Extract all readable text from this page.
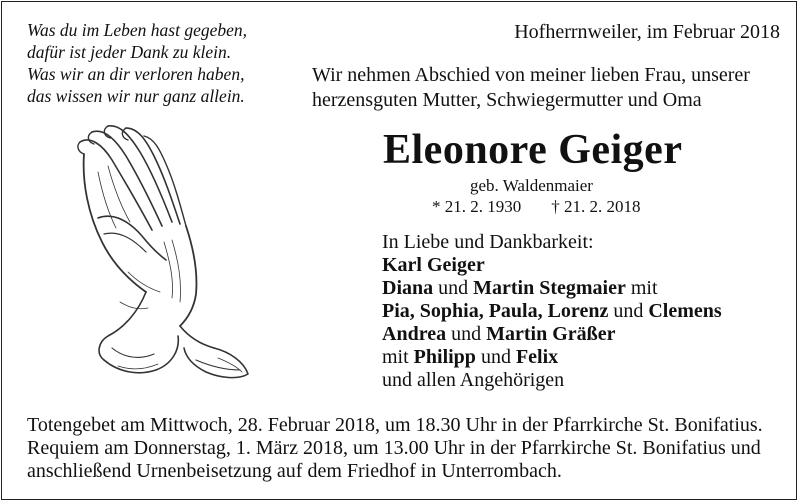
Was du im Leben hast gegeben,
dafür ist jeder Dank zu klein.
Was wir an dir verloren haben,
das wissen wir nur ganz allein.
Hofherrnweiler, im Februar 2018
Wir nehmen Abschied von meiner lieben Frau, unserer
herzensguten Mutter, Schwiegermutter und Oma
Eleonore Geiger
geb. Waldenmaier
* 21. 2. 1930 † 21. 2. 2018
In Liebe und Dankbarkeit:
Karl Geiger
Diana und Martin Stegmaier mit
Pia, Sophia, Paula, Lorenz und Clemens
Andrea und Martin Gräßer
mit Philipp und Felix
und allen Angehörigen
Totengebet am Mittwoch, 28. Februar 2018, um 18.30 Uhr in der Pfarrkirche St. Bonifatius.
Requiem am Donnerstag, 1. März 2018, um 13.00 Uhr in der Pfarrkirche St. Bonifatius und
anschließend Urnenbeisetzung auf dem Friedhof in Unterrombach.
